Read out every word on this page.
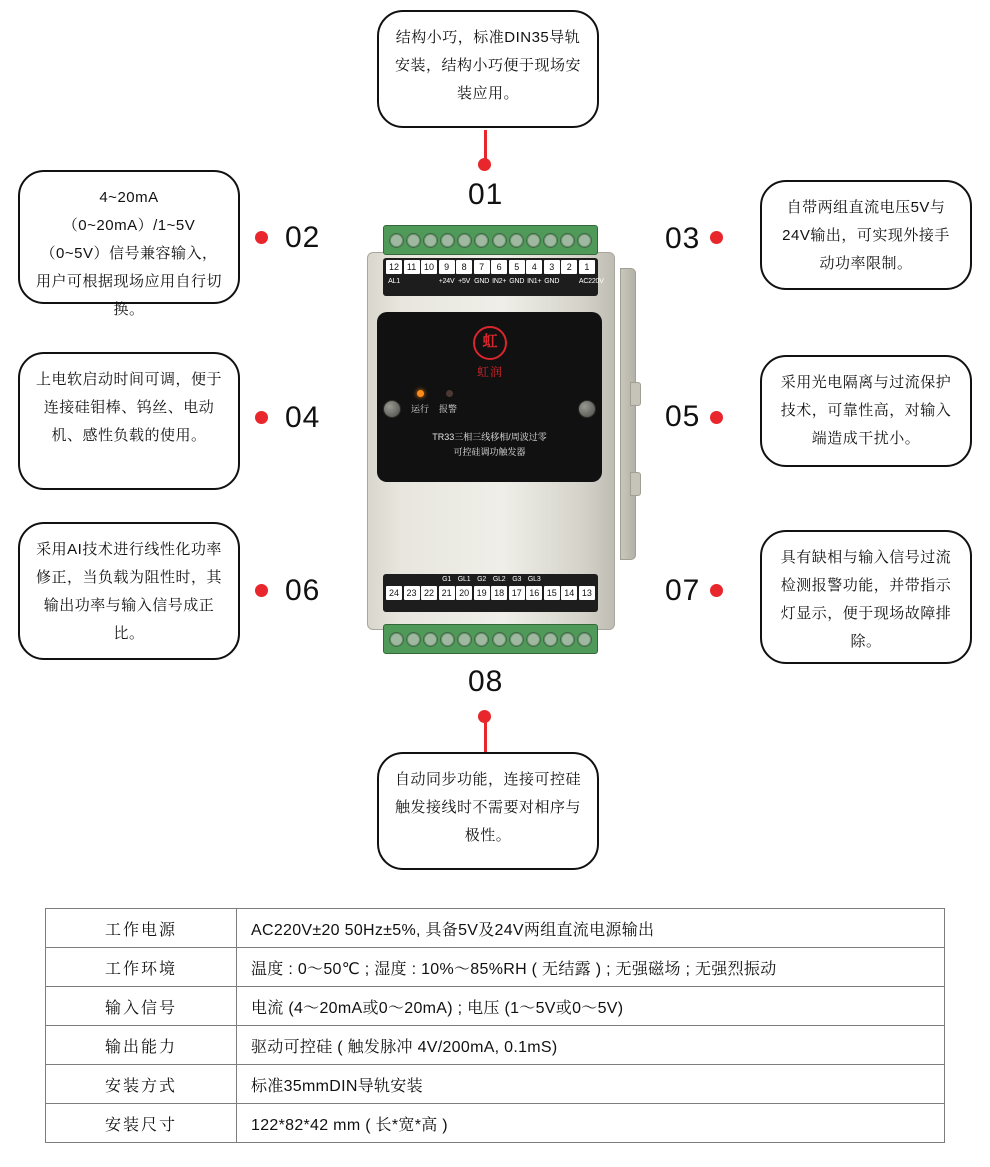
结构小巧，标准DIN35导轨安装，结构小巧便于现场安装应用。
01
4~20mA（0~20mA）/1~5V（0~5V）信号兼容输入，用户可根据现场应用自行切换。
02
自带两组直流电压5V与24V输出，可实现外接手动功率限制。
03
上电软启动时间可调，便于连接硅钼棒、钨丝、电动机、感性负载的使用。
04
采用光电隔离与过流保护技术，可靠性高，对输入端造成干扰小。
05
采用AI技术进行线性化功率修正，当负载为阻性时，其输出功率与输入信号成正比。
06
具有缺相与输入信号过流检测报警功能，并带指示灯显示，便于现场故障排除。
07
08
自动同步功能，连接可控硅触发接线时不需要对相序与极性。
12 11 10	9	8	7	6	5	4	3	2	1
AL1	+24V +5V GND IN2+ GND IN1+ GND	AC220V
虹
虹润
运行 报警
TR33三相三线移相/周波过零
可控硅调功触发器
G1 GL1 G2 GL2 G3 GL3
24 23 22 21 20 19 18 17 16 15 14 13
工作电源	AC220V±20 50Hz±5%, 具备5V及24V两组直流电源输出
工作环境	温度 : 0～50℃ ; 湿度 : 10%～85%RH ( 无结露 ) ; 无强磁场 ; 无强烈振动
输入信号	电流 (4～20mA或0～20mA) ; 电压 (1～5V或0～5V)
输出能力	驱动可控硅 ( 触发脉冲 4V/200mA, 0.1mS)
安装方式	标准35mmDIN导轨安装
安装尺寸	122*82*42 mm ( 长*宽*高 )
